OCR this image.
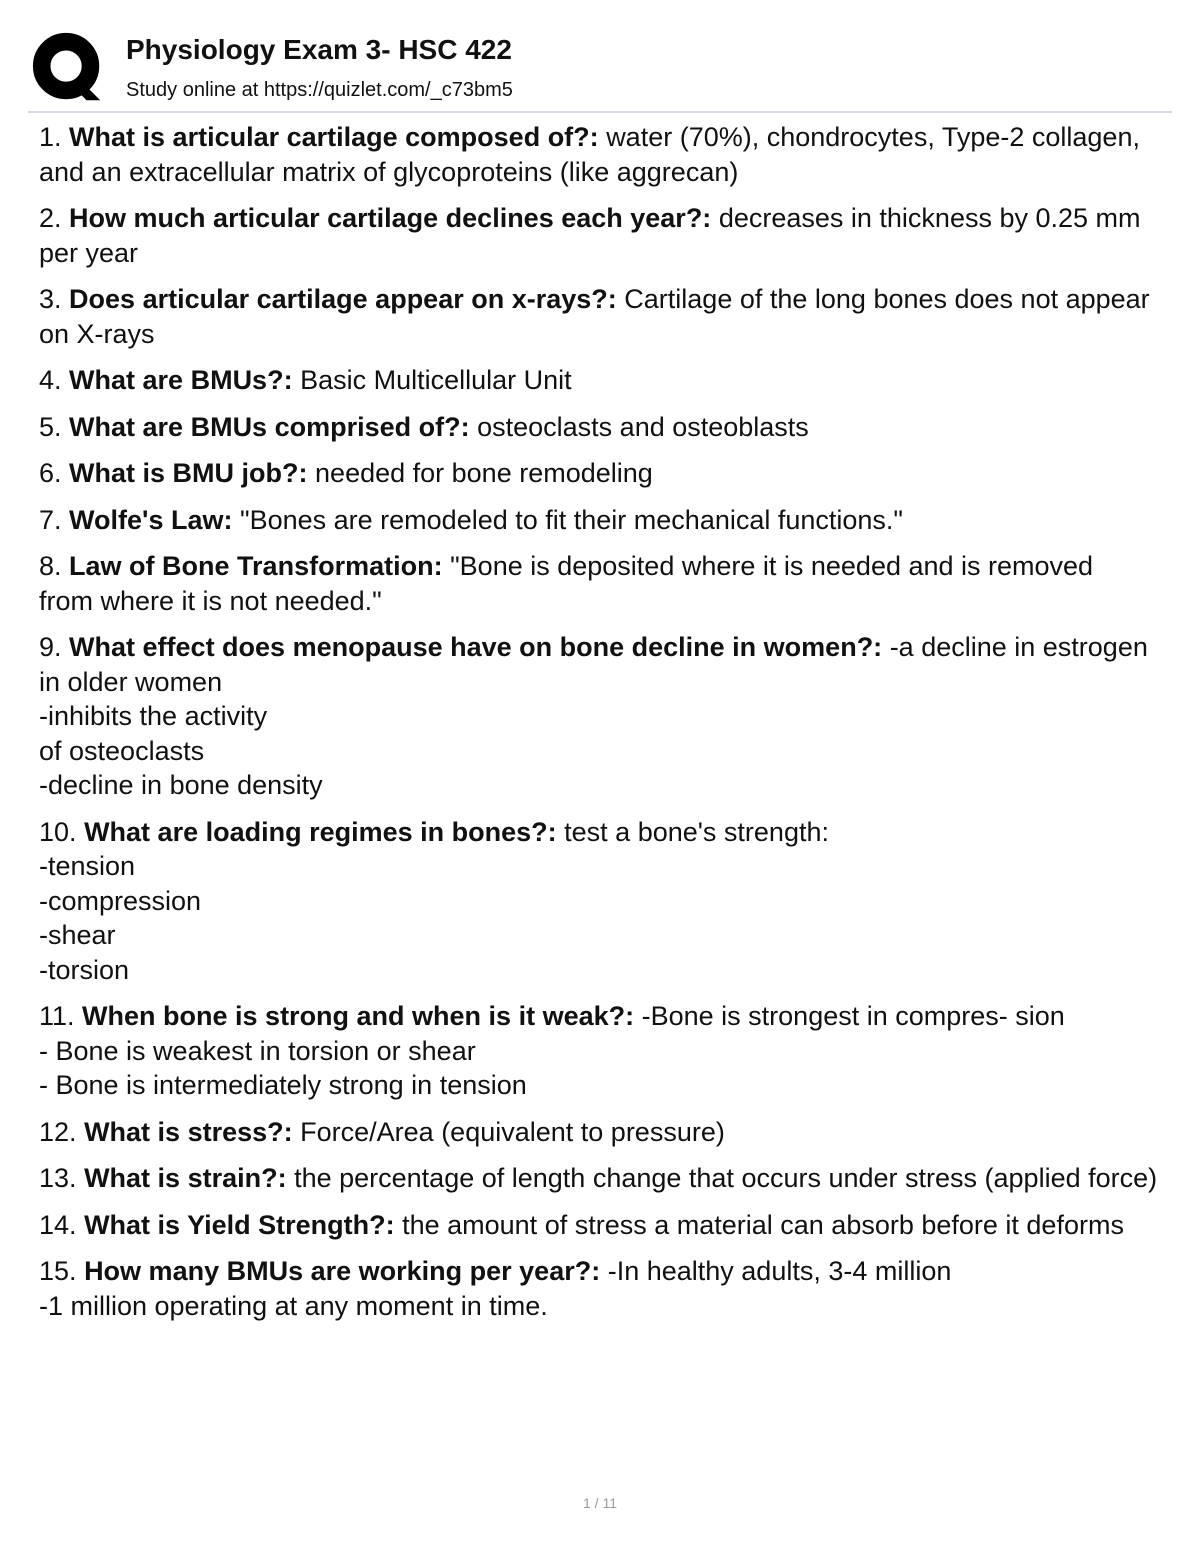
Physiology Exam 3- HSC 422
Study online at https://quizlet.com/_c73bm5
1. What is articular cartilage composed of?: water (70%), chondrocytes, Type-2 collagen, and an extracellular matrix of glycoproteins (like aggrecan)
2. How much articular cartilage declines each year?: decreases in thickness by 0.25 mm per year
3. Does articular cartilage appear on x-rays?: Cartilage of the long bones does not appear on X-rays
4. What are BMUs?: Basic Multicellular Unit
5. What are BMUs comprised of?: osteoclasts and osteoblasts
6. What is BMU job?: needed for bone remodeling
7. Wolfe's Law: "Bones are remodeled to fit their mechanical functions."
8. Law of Bone Transformation: "Bone is deposited where it is needed and is removed
from where it is not needed."
9. What effect does menopause have on bone decline in women?: -a decline in estrogen in older women
-inhibits the activity
of osteoclasts
-decline in bone density
10. What are loading regimes in bones?: test a bone's strength:
-tension
-compression
-shear
-torsion
11. When bone is strong and when is it weak?: -Bone is strongest in compres- sion
- Bone is weakest in torsion or shear
- Bone is intermediately strong in tension
12. What is stress?: Force/Area (equivalent to pressure)
13. What is strain?: the percentage of length change that occurs under stress (applied force)
14. What is Yield Strength?: the amount of stress a material can absorb before it deforms
15. How many BMUs are working per year?: -In healthy adults, 3-4 million
-1 million operating at any moment in time.
1 / 11
